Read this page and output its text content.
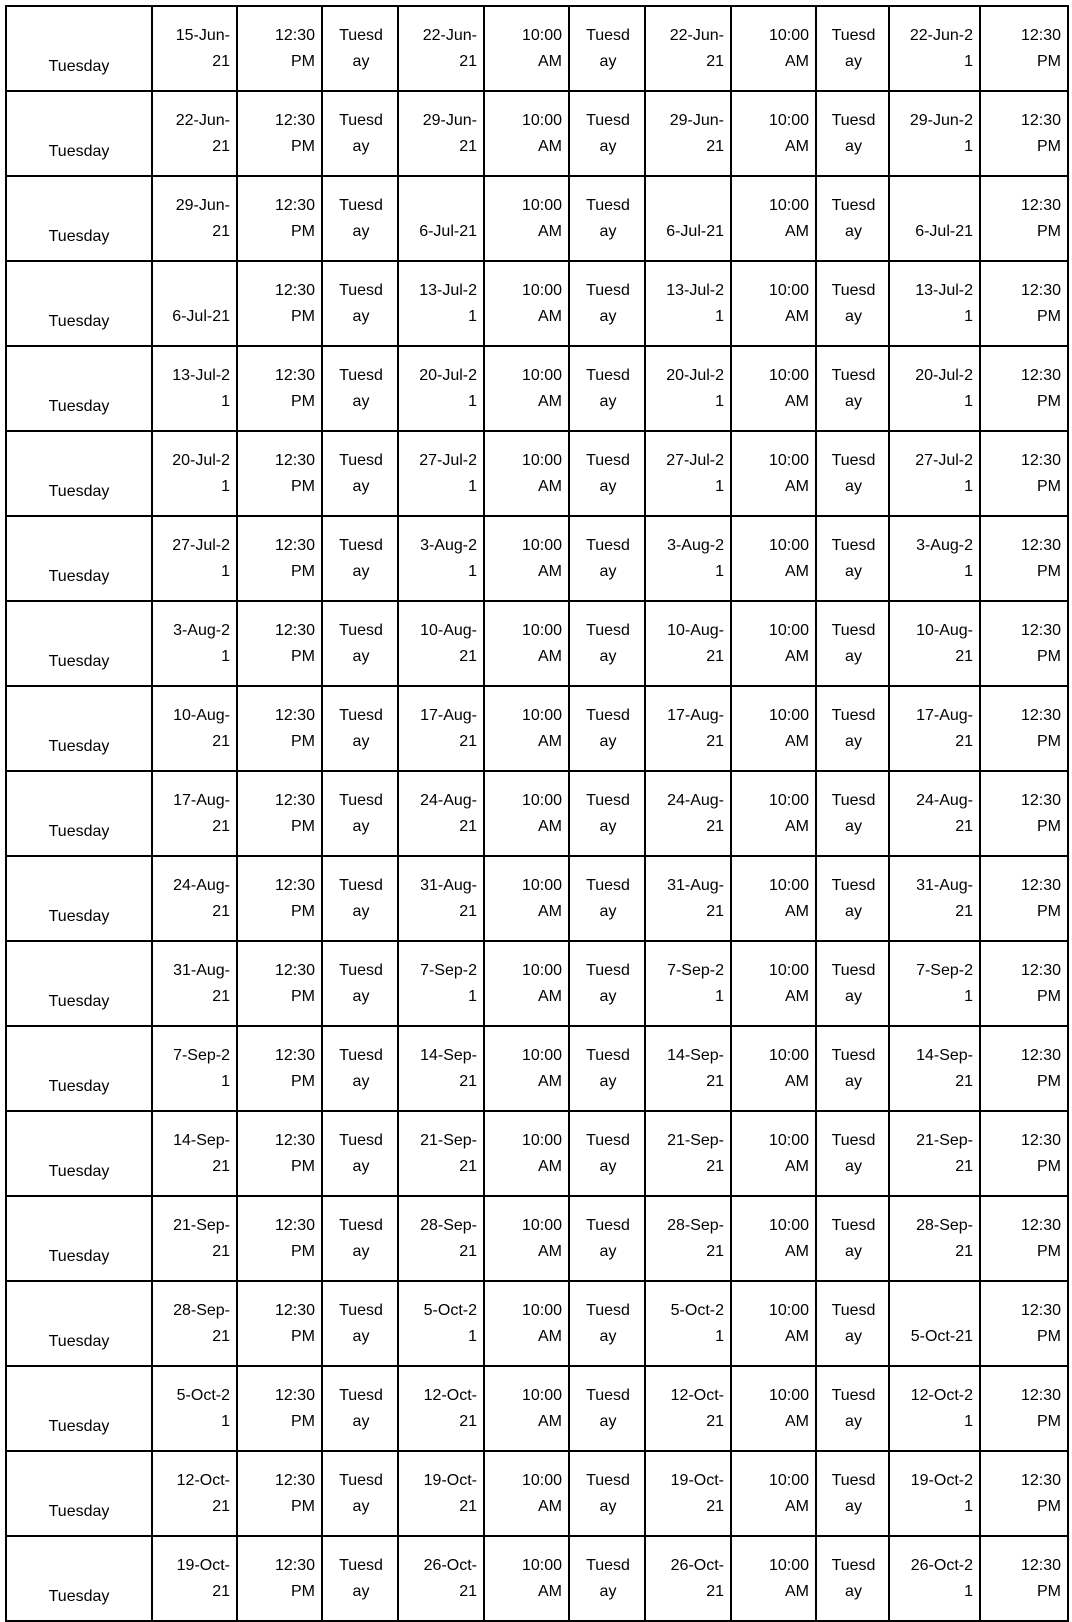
Tuesday	15-Jun-
21	12:30
PM	Tuesd
ay	22-Jun-
21	10:00
AM	Tuesd
ay	22-Jun-
21	10:00
AM	Tuesd
ay	22-Jun-2
1	12:30
PM

Tuesday	22-Jun-
21	12:30
PM	Tuesd
ay	29-Jun-
21	10:00
AM	Tuesd
ay	29-Jun-
21	10:00
AM	Tuesd
ay	29-Jun-2
1	12:30
PM

Tuesday	29-Jun-
21	12:30
PM	Tuesd
ay	6-Jul-21	10:00
AM	Tuesd
ay	6-Jul-21	10:00
AM	Tuesd
ay	6-Jul-21	12:30
PM

Tuesday	6-Jul-21	12:30
PM	Tuesd
ay	13-Jul-2
1	10:00
AM	Tuesd
ay	13-Jul-2
1	10:00
AM	Tuesd
ay	13-Jul-2
1	12:30
PM

Tuesday	13-Jul-2
1	12:30
PM	Tuesd
ay	20-Jul-2
1	10:00
AM	Tuesd
ay	20-Jul-2
1	10:00
AM	Tuesd
ay	20-Jul-2
1	12:30
PM

Tuesday	20-Jul-2
1	12:30
PM	Tuesd
ay	27-Jul-2
1	10:00
AM	Tuesd
ay	27-Jul-2
1	10:00
AM	Tuesd
ay	27-Jul-2
1	12:30
PM

Tuesday	27-Jul-2
1	12:30
PM	Tuesd
ay	3-Aug-2
1	10:00
AM	Tuesd
ay	3-Aug-2
1	10:00
AM	Tuesd
ay	3-Aug-2
1	12:30
PM

Tuesday	3-Aug-2
1	12:30
PM	Tuesd
ay	10-Aug-
21	10:00
AM	Tuesd
ay	10-Aug-
21	10:00
AM	Tuesd
ay	10-Aug-
21	12:30
PM

Tuesday	10-Aug-
21	12:30
PM	Tuesd
ay	17-Aug-
21	10:00
AM	Tuesd
ay	17-Aug-
21	10:00
AM	Tuesd
ay	17-Aug-
21	12:30
PM

Tuesday	17-Aug-
21	12:30
PM	Tuesd
ay	24-Aug-
21	10:00
AM	Tuesd
ay	24-Aug-
21	10:00
AM	Tuesd
ay	24-Aug-
21	12:30
PM

Tuesday	24-Aug-
21	12:30
PM	Tuesd
ay	31-Aug-
21	10:00
AM	Tuesd
ay	31-Aug-
21	10:00
AM	Tuesd
ay	31-Aug-
21	12:30
PM

Tuesday	31-Aug-
21	12:30
PM	Tuesd
ay	7-Sep-2
1	10:00
AM	Tuesd
ay	7-Sep-2
1	10:00
AM	Tuesd
ay	7-Sep-2
1	12:30
PM

Tuesday	7-Sep-2
1	12:30
PM	Tuesd
ay	14-Sep-
21	10:00
AM	Tuesd
ay	14-Sep-
21	10:00
AM	Tuesd
ay	14-Sep-
21	12:30
PM

Tuesday	14-Sep-
21	12:30
PM	Tuesd
ay	21-Sep-
21	10:00
AM	Tuesd
ay	21-Sep-
21	10:00
AM	Tuesd
ay	21-Sep-
21	12:30
PM

Tuesday	21-Sep-
21	12:30
PM	Tuesd
ay	28-Sep-
21	10:00
AM	Tuesd
ay	28-Sep-
21	10:00
AM	Tuesd
ay	28-Sep-
21	12:30
PM

Tuesday	28-Sep-
21	12:30
PM	Tuesd
ay	5-Oct-2
1	10:00
AM	Tuesd
ay	5-Oct-2
1	10:00
AM	Tuesd
ay	5-Oct-21	12:30
PM

Tuesday	5-Oct-2
1	12:30
PM	Tuesd
ay	12-Oct-
21	10:00
AM	Tuesd
ay	12-Oct-
21	10:00
AM	Tuesd
ay	12-Oct-2
1	12:30
PM

Tuesday	12-Oct-
21	12:30
PM	Tuesd
ay	19-Oct-
21	10:00
AM	Tuesd
ay	19-Oct-
21	10:00
AM	Tuesd
ay	19-Oct-2
1	12:30
PM

Tuesday	19-Oct-
21	12:30
PM	Tuesd
ay	26-Oct-
21	10:00
AM	Tuesd
ay	26-Oct-
21	10:00
AM	Tuesd
ay	26-Oct-2
1	12:30
PM
